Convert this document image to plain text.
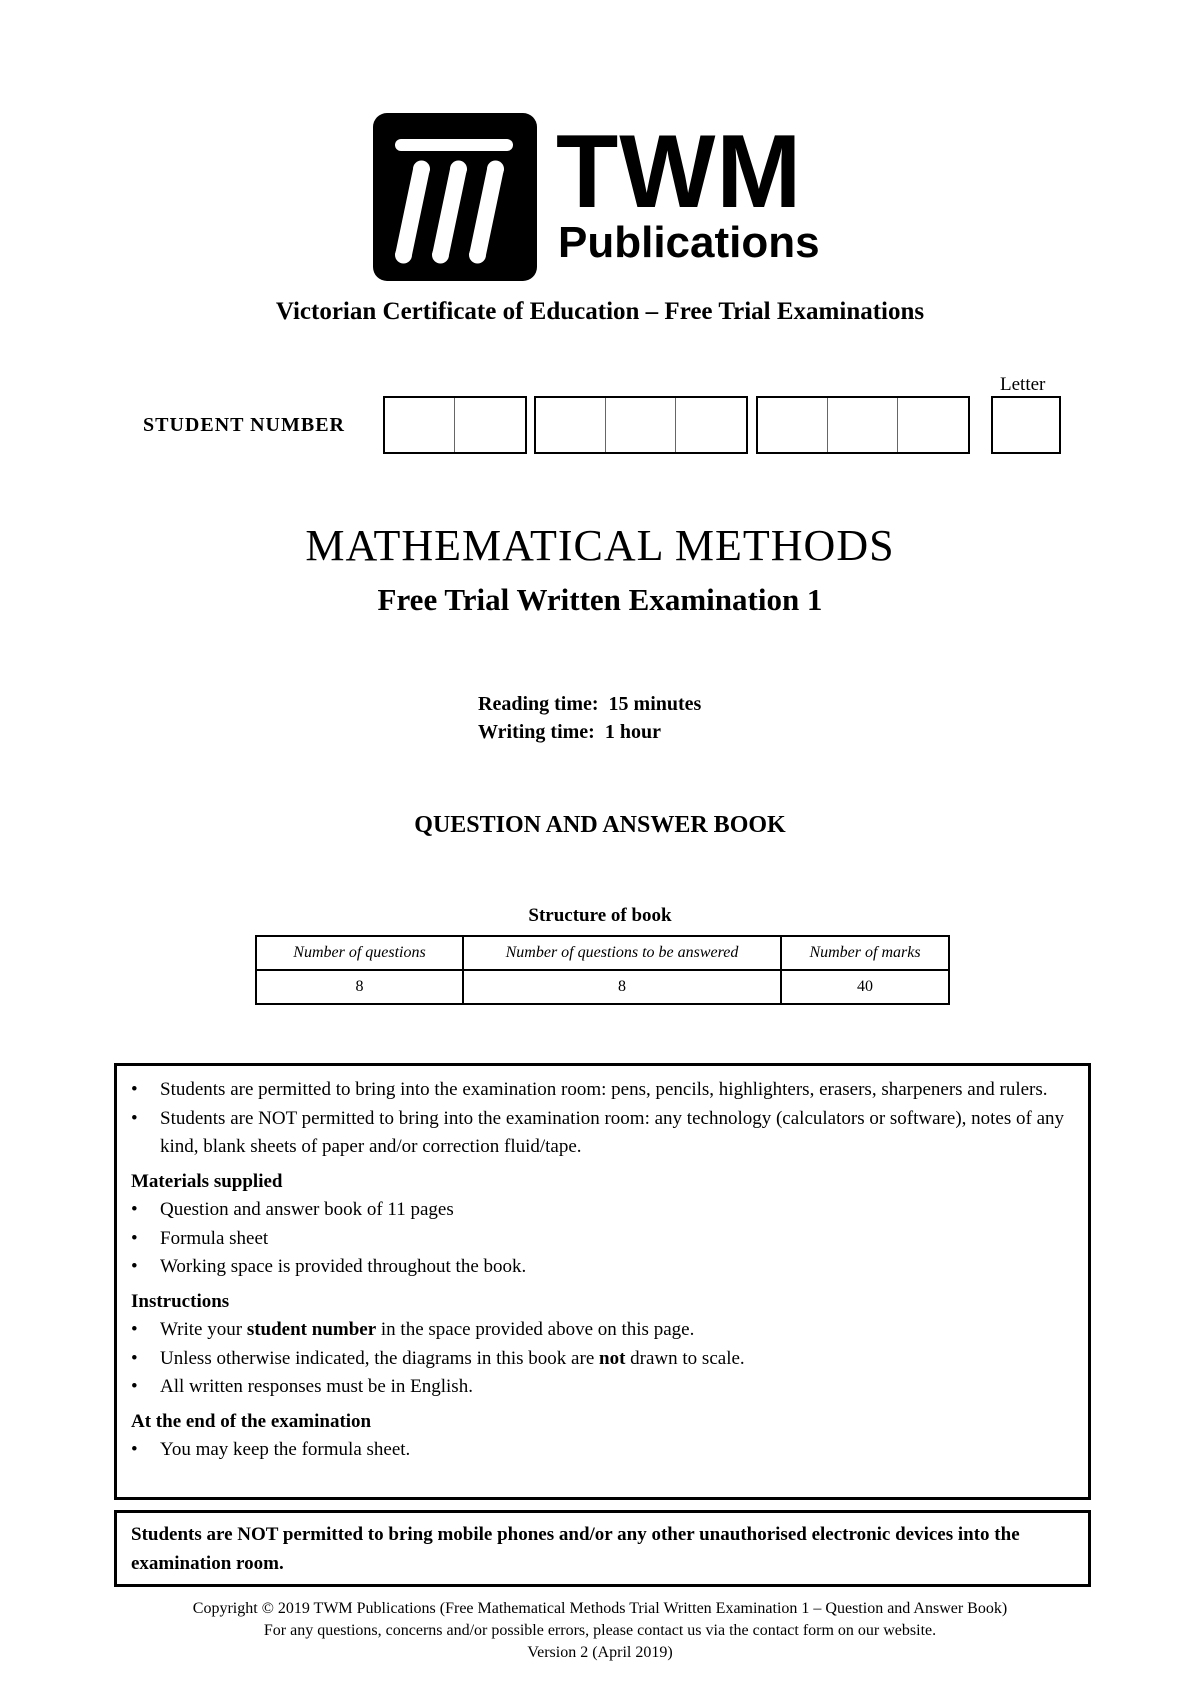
TWM
Publications
Victorian Certificate of Education – Free Trial Examinations
STUDENT NUMBER
Letter
MATHEMATICAL METHODS
Free Trial Written Examination 1
Reading time:  15 minutes
Writing time:  1 hour
QUESTION AND ANSWER BOOK
Structure of book
Number of questions	Number of questions to be answered	Number of marks
8	8	40
• Students are permitted to bring into the examination room: pens, pencils, highlighters, erasers, sharpeners and rulers.
• Students are NOT permitted to bring into the examination room: any technology (calculators or software), notes of any kind, blank sheets of paper and/or correction fluid/tape.
Materials supplied
• Question and answer book of 11 pages
• Formula sheet
• Working space is provided throughout the book.
Instructions
• Write your student number in the space provided above on this page.
• Unless otherwise indicated, the diagrams in this book are not drawn to scale.
• All written responses must be in English.
At the end of the examination
• You may keep the formula sheet.
Students are NOT permitted to bring mobile phones and/or any other unauthorised electronic devices into the examination room.
Copyright © 2019 TWM Publications (Free Mathematical Methods Trial Written Examination 1 – Question and Answer Book)
For any questions, concerns and/or possible errors, please contact us via the contact form on our website.
Version 2 (April 2019)
